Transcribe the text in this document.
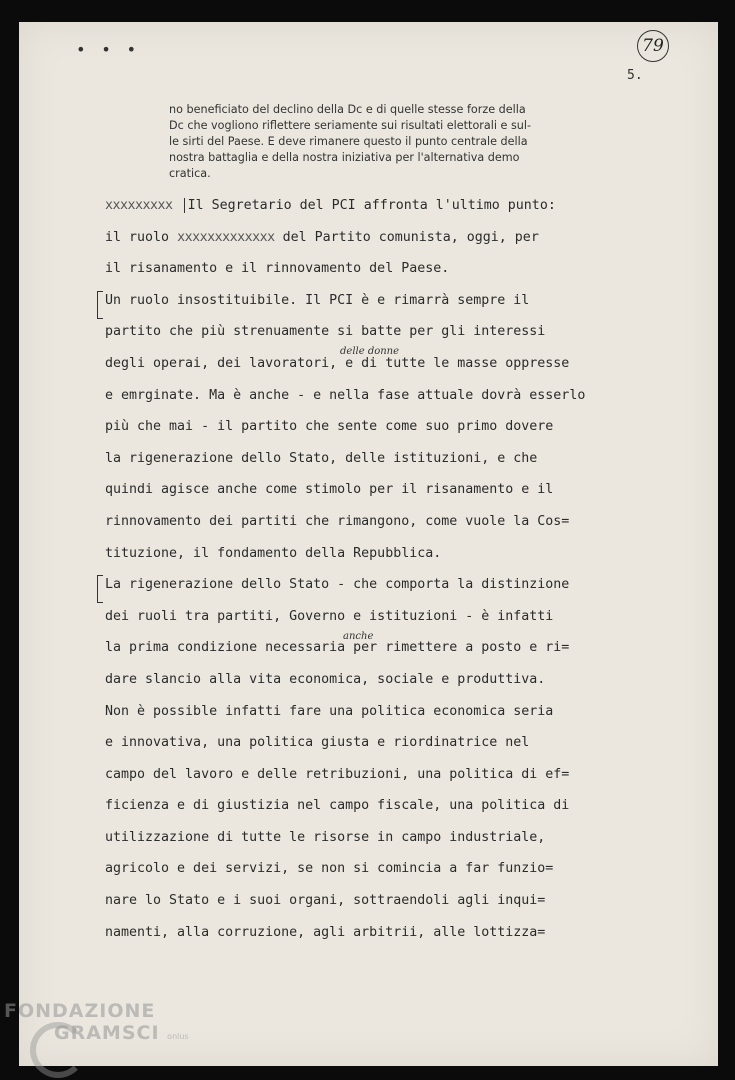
• • •	79
5.
no beneficiato del declino della Dc e di quelle stesse forze della
Dc che vogliono riflettere seriamente sui risultati elettorali e sul-
le sirti del Paese. E deve rimanere questo il punto centrale della
nostra battaglia e della nostra iniziativa per l'alternativa demo
cratica.
xxxxxxxxx Il Segretario del PCI affronta l'ultimo punto:
il ruolo xxxxxxxxxxxxx del Partito comunista, oggi, per
il risanamento e il rinnovamento del Paese.
Un ruolo insostituibile. Il PCI è e rimarrà sempre il
partito che più strenuamente si batte per gli interessi
delle donne
degli operai, dei lavoratori, e di tutte le masse oppresse
e emrginate. Ma è anche - e nella fase attuale dovrà esserlo
più che mai - il partito che sente come suo primo dovere
la rigenerazione dello Stato, delle istituzioni, e che
quindi agisce anche come stimolo per il risanamento e il
rinnovamento dei partiti che rimangono, come vuole la Cos=
tituzione, il fondamento della Repubblica.
La rigenerazione dello Stato - che comporta la distinzione
dei ruoli tra partiti, Governo e istituzioni - è infatti
anche
la prima condizione necessaria per rimettere a posto e ri=
dare slancio alla vita economica, sociale e produttiva.
Non è possible infatti fare una politica economica seria
e innovativa, una politica giusta e riordinatrice nel
campo del lavoro e delle retribuzioni, una politica di ef=
ficienza e di giustizia nel campo fiscale, una politica di
utilizzazione di tutte le risorse in campo industriale,
agricolo e dei servizi, se non si comincia a far funzio=
nare lo Stato e i suoi organi, sottraendoli agli inqui=
namenti, alla corruzione, agli arbitrii, alle lottizza=
FONDAZIONE
GRAMSCI onlus
